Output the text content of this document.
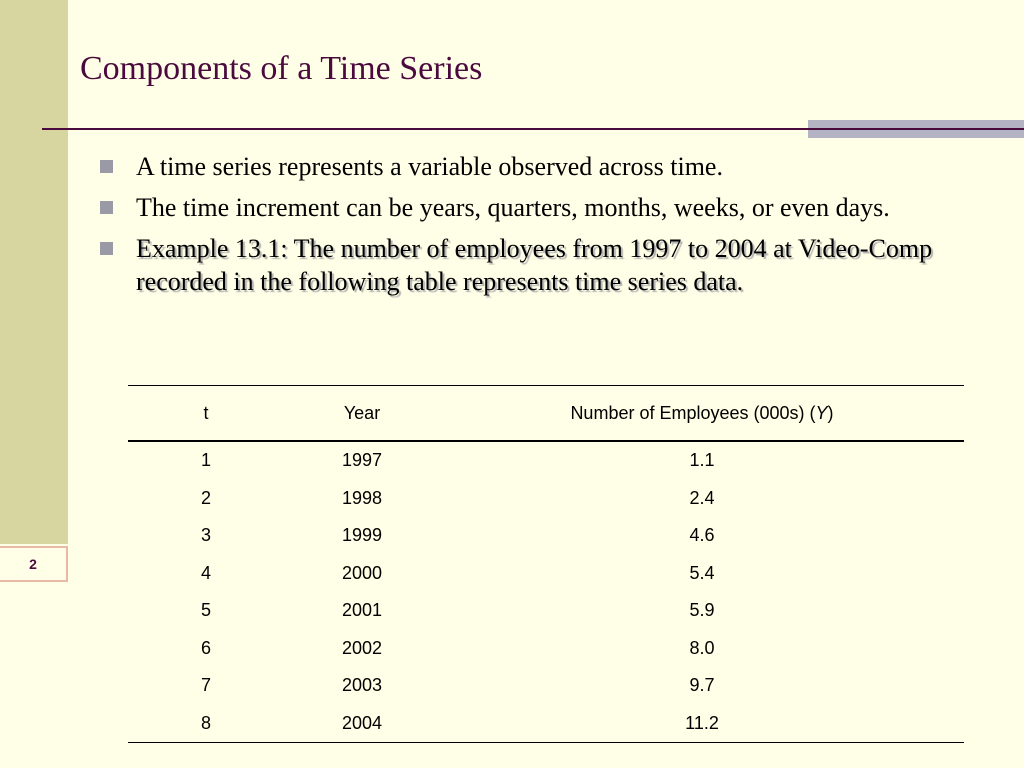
2
Components of a Time Series
A time series represents a variable observed across time.
The time increment can be years, quarters, months, weeks, or even days.
Example 13.1: The number of employees from 1997 to 2004 at Video-Comp recorded in the following table represents time series data.
t	Year	Number of Employees (000s) (Y)
1	1997	1.1
2	1998	2.4
3	1999	4.6
4	2000	5.4
5	2001	5.9
6	2002	8.0
7	2003	9.7
8	2004	11.2
